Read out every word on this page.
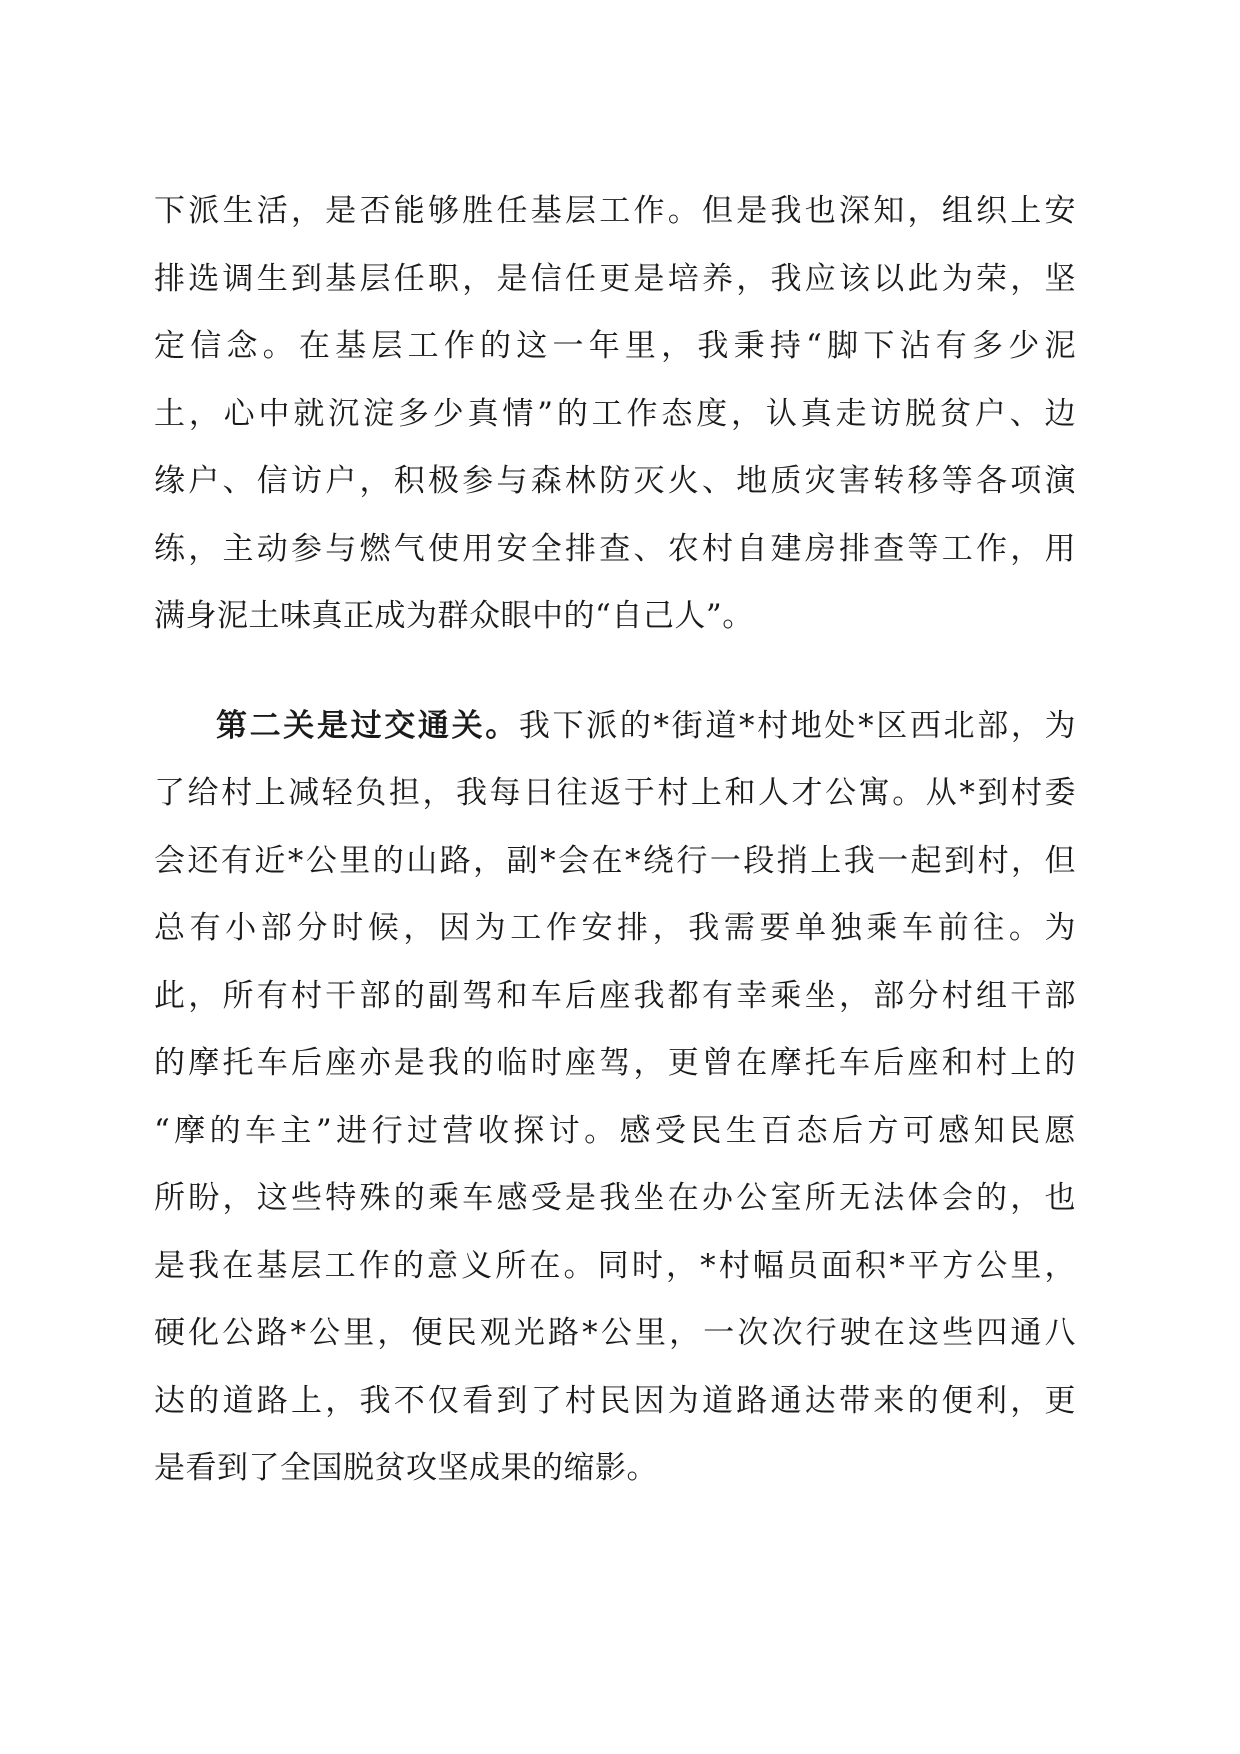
下派生活，是否能够胜任基层工作。但是我也深知，组织上安
排选调生到基层任职，是信任更是培养，我应该以此为荣，坚
定信念。在基层工作的这一年里，我秉持“脚下沾有多少泥
土，心中就沉淀多少真情”的工作态度，认真走访脱贫户、边
缘户、信访户，积极参与森林防灭火、地质灾害转移等各项演
练，主动参与燃气使用安全排查、农村自建房排查等工作，用
满身泥土味真正成为群众眼中的“自己人”。
第二关是过交通关。我下派的*街道*村地处*区西北部，为
了给村上减轻负担，我每日往返于村上和人才公寓。从*到村委
会还有近*公里的山路，副*会在*绕行一段捎上我一起到村，但
总有小部分时候，因为工作安排，我需要单独乘车前往。为
此，所有村干部的副驾和车后座我都有幸乘坐，部分村组干部
的摩托车后座亦是我的临时座驾，更曾在摩托车后座和村上的
“摩的车主”进行过营收探讨。感受民生百态后方可感知民愿
所盼，这些特殊的乘车感受是我坐在办公室所无法体会的，也
是我在基层工作的意义所在。同时，*村幅员面积*平方公里，
硬化公路*公里，便民观光路*公里，一次次行驶在这些四通八
达的道路上，我不仅看到了村民因为道路通达带来的便利，更
是看到了全国脱贫攻坚成果的缩影。
